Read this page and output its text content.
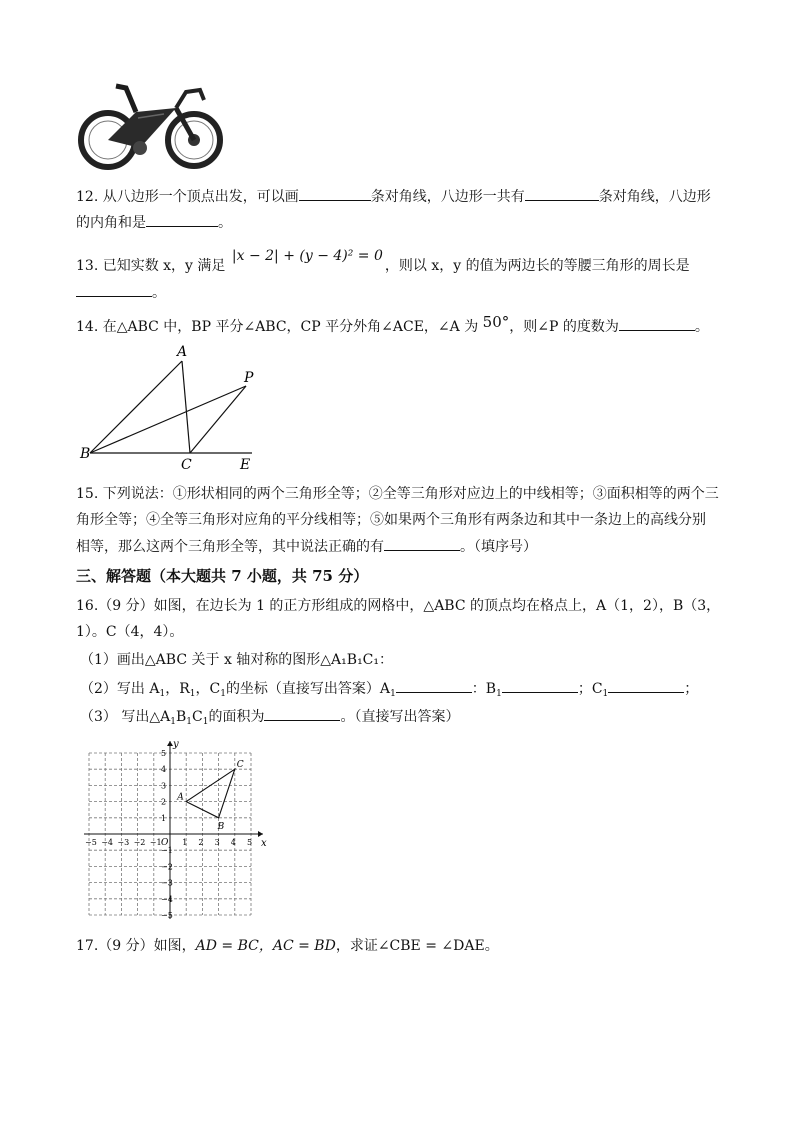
12. 从八边形一个顶点出发，可以画	条对角线，八边形一共有	条对角线，八边形
的内角和是	。
13. 已知实数 x，y 满足 |x − 2| + (y − 4)² = 0，则以 x，y 的值为两边长的等腰三角形的周长是
。
14. 在△ABC 中，BP 平分∠ABC，CP 平分外角∠ACE，∠A 为 50°，则∠P 的度数为	。
A
B
C	E
P
15. 下列说法：①形状相同的两个三角形全等；②全等三角形对应边上的中线相等；③面积相等的两个三
角形全等；④全等三角形对应角的平分线相等；⑤如果两个三角形有两条边和其中一条边上的高线分别
相等，那么这两个三角形全等，其中说法正确的有	。（填序号）
三、解答题（本大题共 7 小题，共 75 分）
16.（9 分）如图，在边长为 1 的正方形组成的网格中，△ABC 的顶点均在格点上，A（1，2），B（3，
1）。C（4，4）。
（1）画出△ABC 关于 x 轴对称的图形△A₁B₁C₁：
（2）写出 $A_1$，$R_1$，$C_1$的坐标（直接写出答案）$A_1$	：$B_1$	；$C_1$	；
（3） 写出$\triangle A_1B_1C_1$的面积为	。（直接写出答案）
x
y
O
−5 −4 −3 −2 −1	1 2 3 4 5
5
4
3
2
1
−1
−2
−3
−4
−5
A
B
C
17.（9 分）如图，AD = BC，AC = BD，求证∠CBE = ∠DAE。
